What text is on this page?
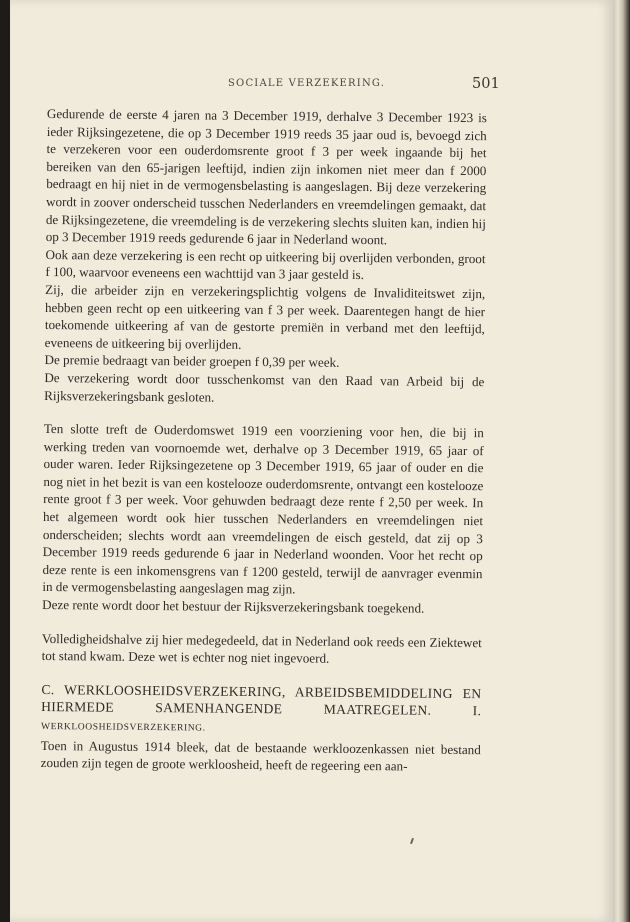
SOCIALE VERZEKERING.	501

Gedurende de eerste 4 jaren na 3 December 1919, derhalve 3 December 1923 is ieder Rijksingezetene, die op 3 December 1919 reeds 35 jaar oud is, bevoegd zich te verzekeren voor een ouderdomsrente groot f 3 per week ingaande bij het bereiken van den 65-jarigen leeftijd, indien zijn inkomen niet meer dan f 2000 bedraagt en hij niet in de vermogensbelasting is aangeslagen. Bij deze verzekering wordt in zoover onderscheid tusschen Nederlanders en vreemdelingen gemaakt, dat de Rijksingezetene, die vreemdeling is de verzekering slechts sluiten kan, indien hij op 3 December 1919 reeds gedurende 6 jaar in Nederland woont.

Ook aan deze verzekering is een recht op uitkeering bij overlijden verbonden, groot f 100, waarvoor eveneens een wachttijd van 3 jaar gesteld is.

Zij, die arbeider zijn en verzekeringsplichtig volgens de Invaliditeitswet zijn, hebben geen recht op een uitkeering van f 3 per week. Daarentegen hangt de hier toekomende uitkeering af van de gestorte premiën in verband met den leeftijd, eveneens de uitkeering bij overlijden.

De premie bedraagt van beider groepen f 0,39 per week.

De verzekering wordt door tusschenkomst van den Raad van Arbeid bij de Rijksverzekeringsbank gesloten.

Ten slotte treft de Ouderdomswet 1919 een voorziening voor hen, die bij in werking treden van voornoemde wet, derhalve op 3 December 1919, 65 jaar of ouder waren. Ieder Rijksingezetene op 3 December 1919, 65 jaar of ouder en die nog niet in het bezit is van een kostelooze ouderdomsrente, ontvangt een kostelooze rente groot f 3 per week. Voor gehuwden bedraagt deze rente f 2,50 per week. In het algemeen wordt ook hier tusschen Nederlanders en vreemdelingen niet onderscheiden; slechts wordt aan vreemdelingen de eisch gesteld, dat zij op 3 December 1919 reeds gedurende 6 jaar in Nederland woonden. Voor het recht op deze rente is een inkomensgrens van f 1200 gesteld, terwijl de aanvrager evenmin in de vermogensbelasting aangeslagen mag zijn.

Deze rente wordt door het bestuur der Rijksverzekeringsbank toegekend.

Volledigheidshalve zij hier medegedeeld, dat in Nederland ook reeds een Ziektewet tot stand kwam. Deze wet is echter nog niet ingevoerd.

C. WERKLOOSHEIDSVERZEKERING, ARBEIDSBEMIDDELING EN HIERMEDE SAMENHANGENDE MAATREGELEN. I. WERKLOOSHEIDSVERZEKERING.

Toen in Augustus 1914 bleek, dat de bestaande werkloozenkassen niet bestand zouden zijn tegen de groote werkloosheid, heeft de regeering een aan-
